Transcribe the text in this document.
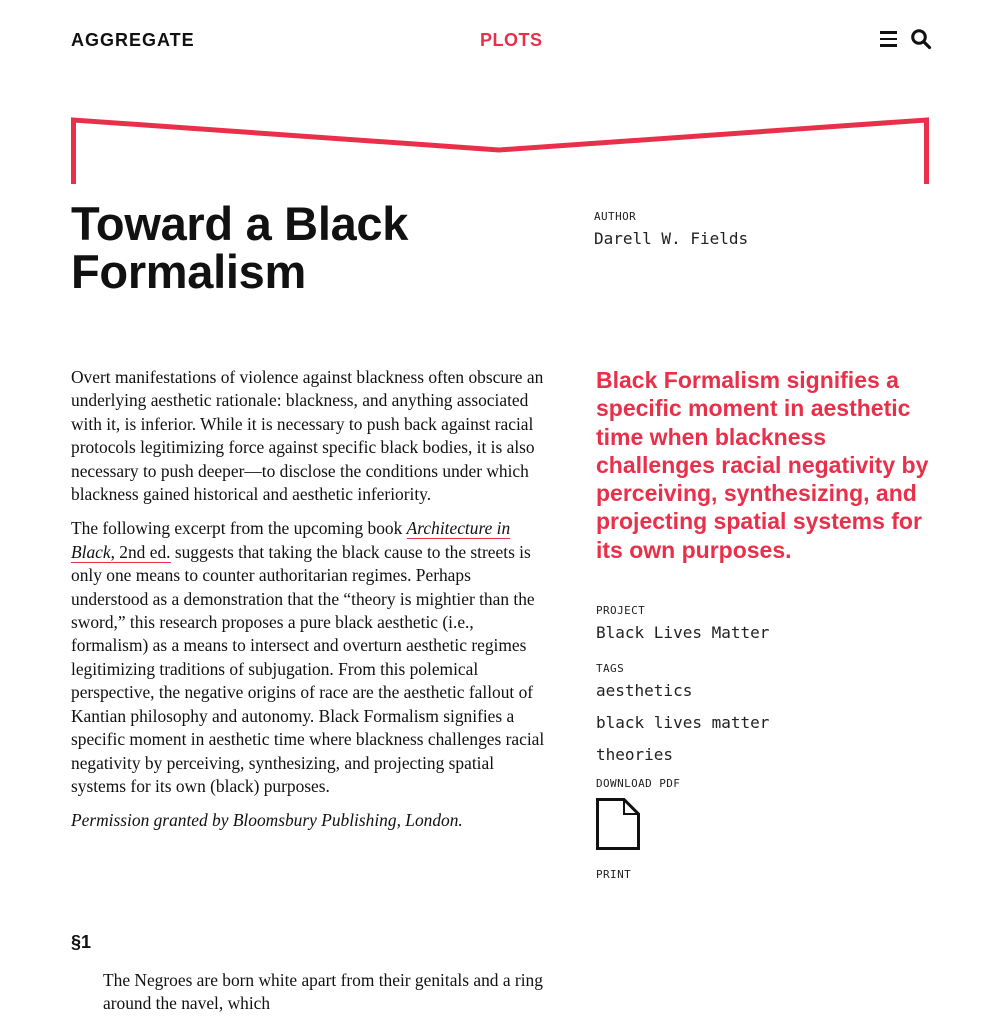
AGGREGATE	PLOTS
Toward a Black
Formalism
AUTHOR
Darell W. Fields

Overt manifestations of violence against blackness often obscure an underlying aesthetic rationale: blackness, and anything associated with it, is inferior. While it is necessary to push back against racial protocols legitimizing force against specific black bodies, it is also necessary to push deeper—to disclose the conditions under which blackness gained historical and aesthetic inferiority.

The following excerpt from the upcoming book Architecture in Black, 2nd ed. suggests that taking the black cause to the streets is only one means to counter authoritarian regimes. Perhaps understood as a demonstration that the “theory is mightier than the sword,” this research proposes a pure black aesthetic (i.e., formalism) as a means to intersect and overturn aesthetic regimes legitimizing traditions of subjugation. From this polemical perspective, the negative origins of race are the aesthetic fallout of Kantian philosophy and autonomy. Black Formalism signifies a specific moment in aesthetic time where blackness challenges racial negativity by perceiving, synthesizing, and projecting spatial systems for its own (black) purposes.

Permission granted by Bloomsbury Publishing, London.

Black Formalism signifies a specific moment in aesthetic time when blackness challenges racial negativity by perceiving, synthesizing, and projecting spatial systems for its own purposes.

PROJECT
Black Lives Matter
TAGS
aesthetics
black lives matter
theories
DOWNLOAD PDF
PRINT
§1

The Negroes are born white apart from their genitals and a ring around the navel, which
